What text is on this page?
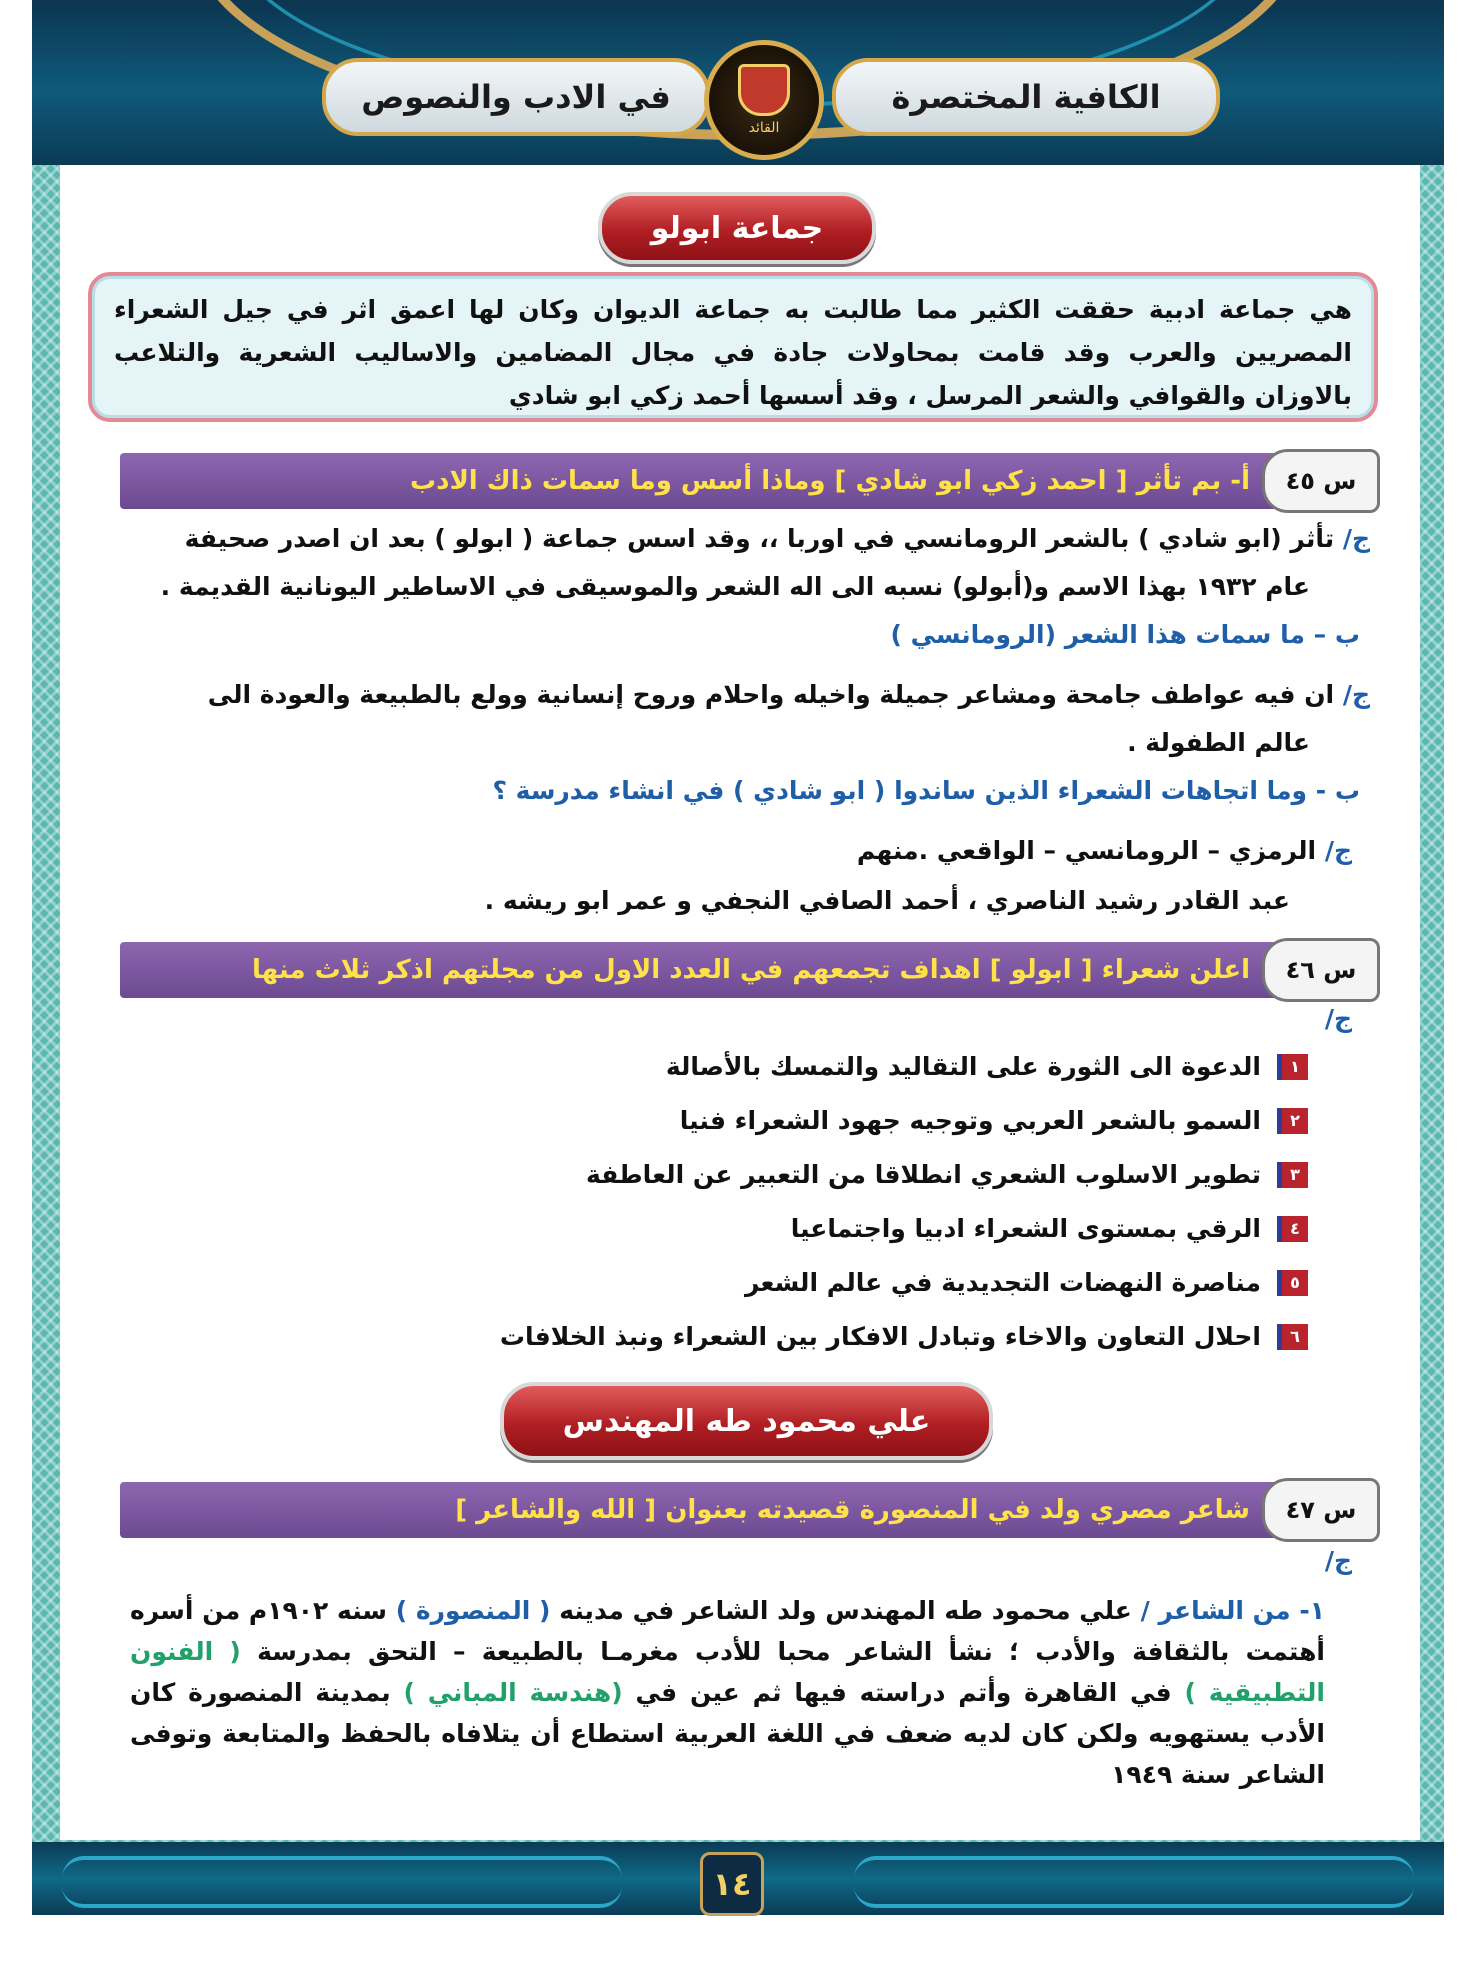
الكافية المختصرة
في الادب والنصوص
القائد
جماعة ابولو
هي جماعة ادبية حققت الكثير مما طالبت به جماعة الديوان وكان لها اعمق اثر في جيل الشعراء المصريين والعرب وقد قامت بمحاولات جادة في مجال المضامين والاساليب الشعرية والتلاعب بالاوزان والقوافي والشعر المرسل ، وقد أسسها أحمد زكي ابو شادي
س ٤٥
أ- بم تأثر [ احمد زكي ابو شادي ] وماذا أسس وما سمات ذاك الادب
ج/ تأثر (ابو شادي ) بالشعر الرومانسي في اوربا ،، وقد اسس جماعة ( ابولو ) بعد ان اصدر صحيفة
عام ١٩٣٢ بهذا الاسم و(أبولو) نسبه الى اله الشعر والموسيقى في الاساطير اليونانية القديمة .
ب – ما سمات هذا الشعر (الرومانسي )
ج/ ان فيه عواطف جامحة ومشاعر جميلة واخيله واحلام وروح إنسانية وولع بالطبيعة والعودة الى
عالم الطفولة .
ب - وما اتجاهات الشعراء الذين ساندوا ( ابو شادي ) في انشاء مدرسة ؟
ج/ الرمزي – الرومانسي – الواقعي .منهم
عبد القادر رشيد الناصري ، أحمد الصافي النجفي و عمر ابو ريشه .
س ٤٦
اعلن شعراء [ ابولو ] اهداف تجمعهم في العدد الاول من مجلتهم اذكر ثلاث منها
ج/
١
الدعوة الى الثورة على التقاليد والتمسك بالأصالة
٢
السمو بالشعر العربي وتوجيه جهود الشعراء فنيا
٣
تطوير الاسلوب الشعري انطلاقا من التعبير عن العاطفة
٤
الرقي بمستوى الشعراء ادبيا واجتماعيا
٥
مناصرة النهضات التجديدية في عالم الشعر
٦
احلال التعاون والاخاء وتبادل الافكار بين الشعراء ونبذ الخلافات
علي محمود طه المهندس
س ٤٧
شاعر مصري ولد في المنصورة قصيدته بعنوان [ الله والشاعر ]
ج/
١- من الشاعر / علي محمود طه المهندس ولد الشاعر في مدينه ( المنصورة ) سنه ١٩٠٢م من أسره أهتمت بالثقافة والأدب ؛ نشأ الشاعر محبا للأدب مغرمـا بالطبيعة – التحق بمدرسة ( الفنون التطبيقية ) في القاهرة وأتم دراسته فيها ثم عين في (هندسة المباني ) بمدينة المنصورة كان الأدب يستهويه ولكن كان لديه ضعف في اللغة العربية استطاع أن يتلافاه بالحفظ والمتابعة وتوفى الشاعر سنة ١٩٤٩
١٤
